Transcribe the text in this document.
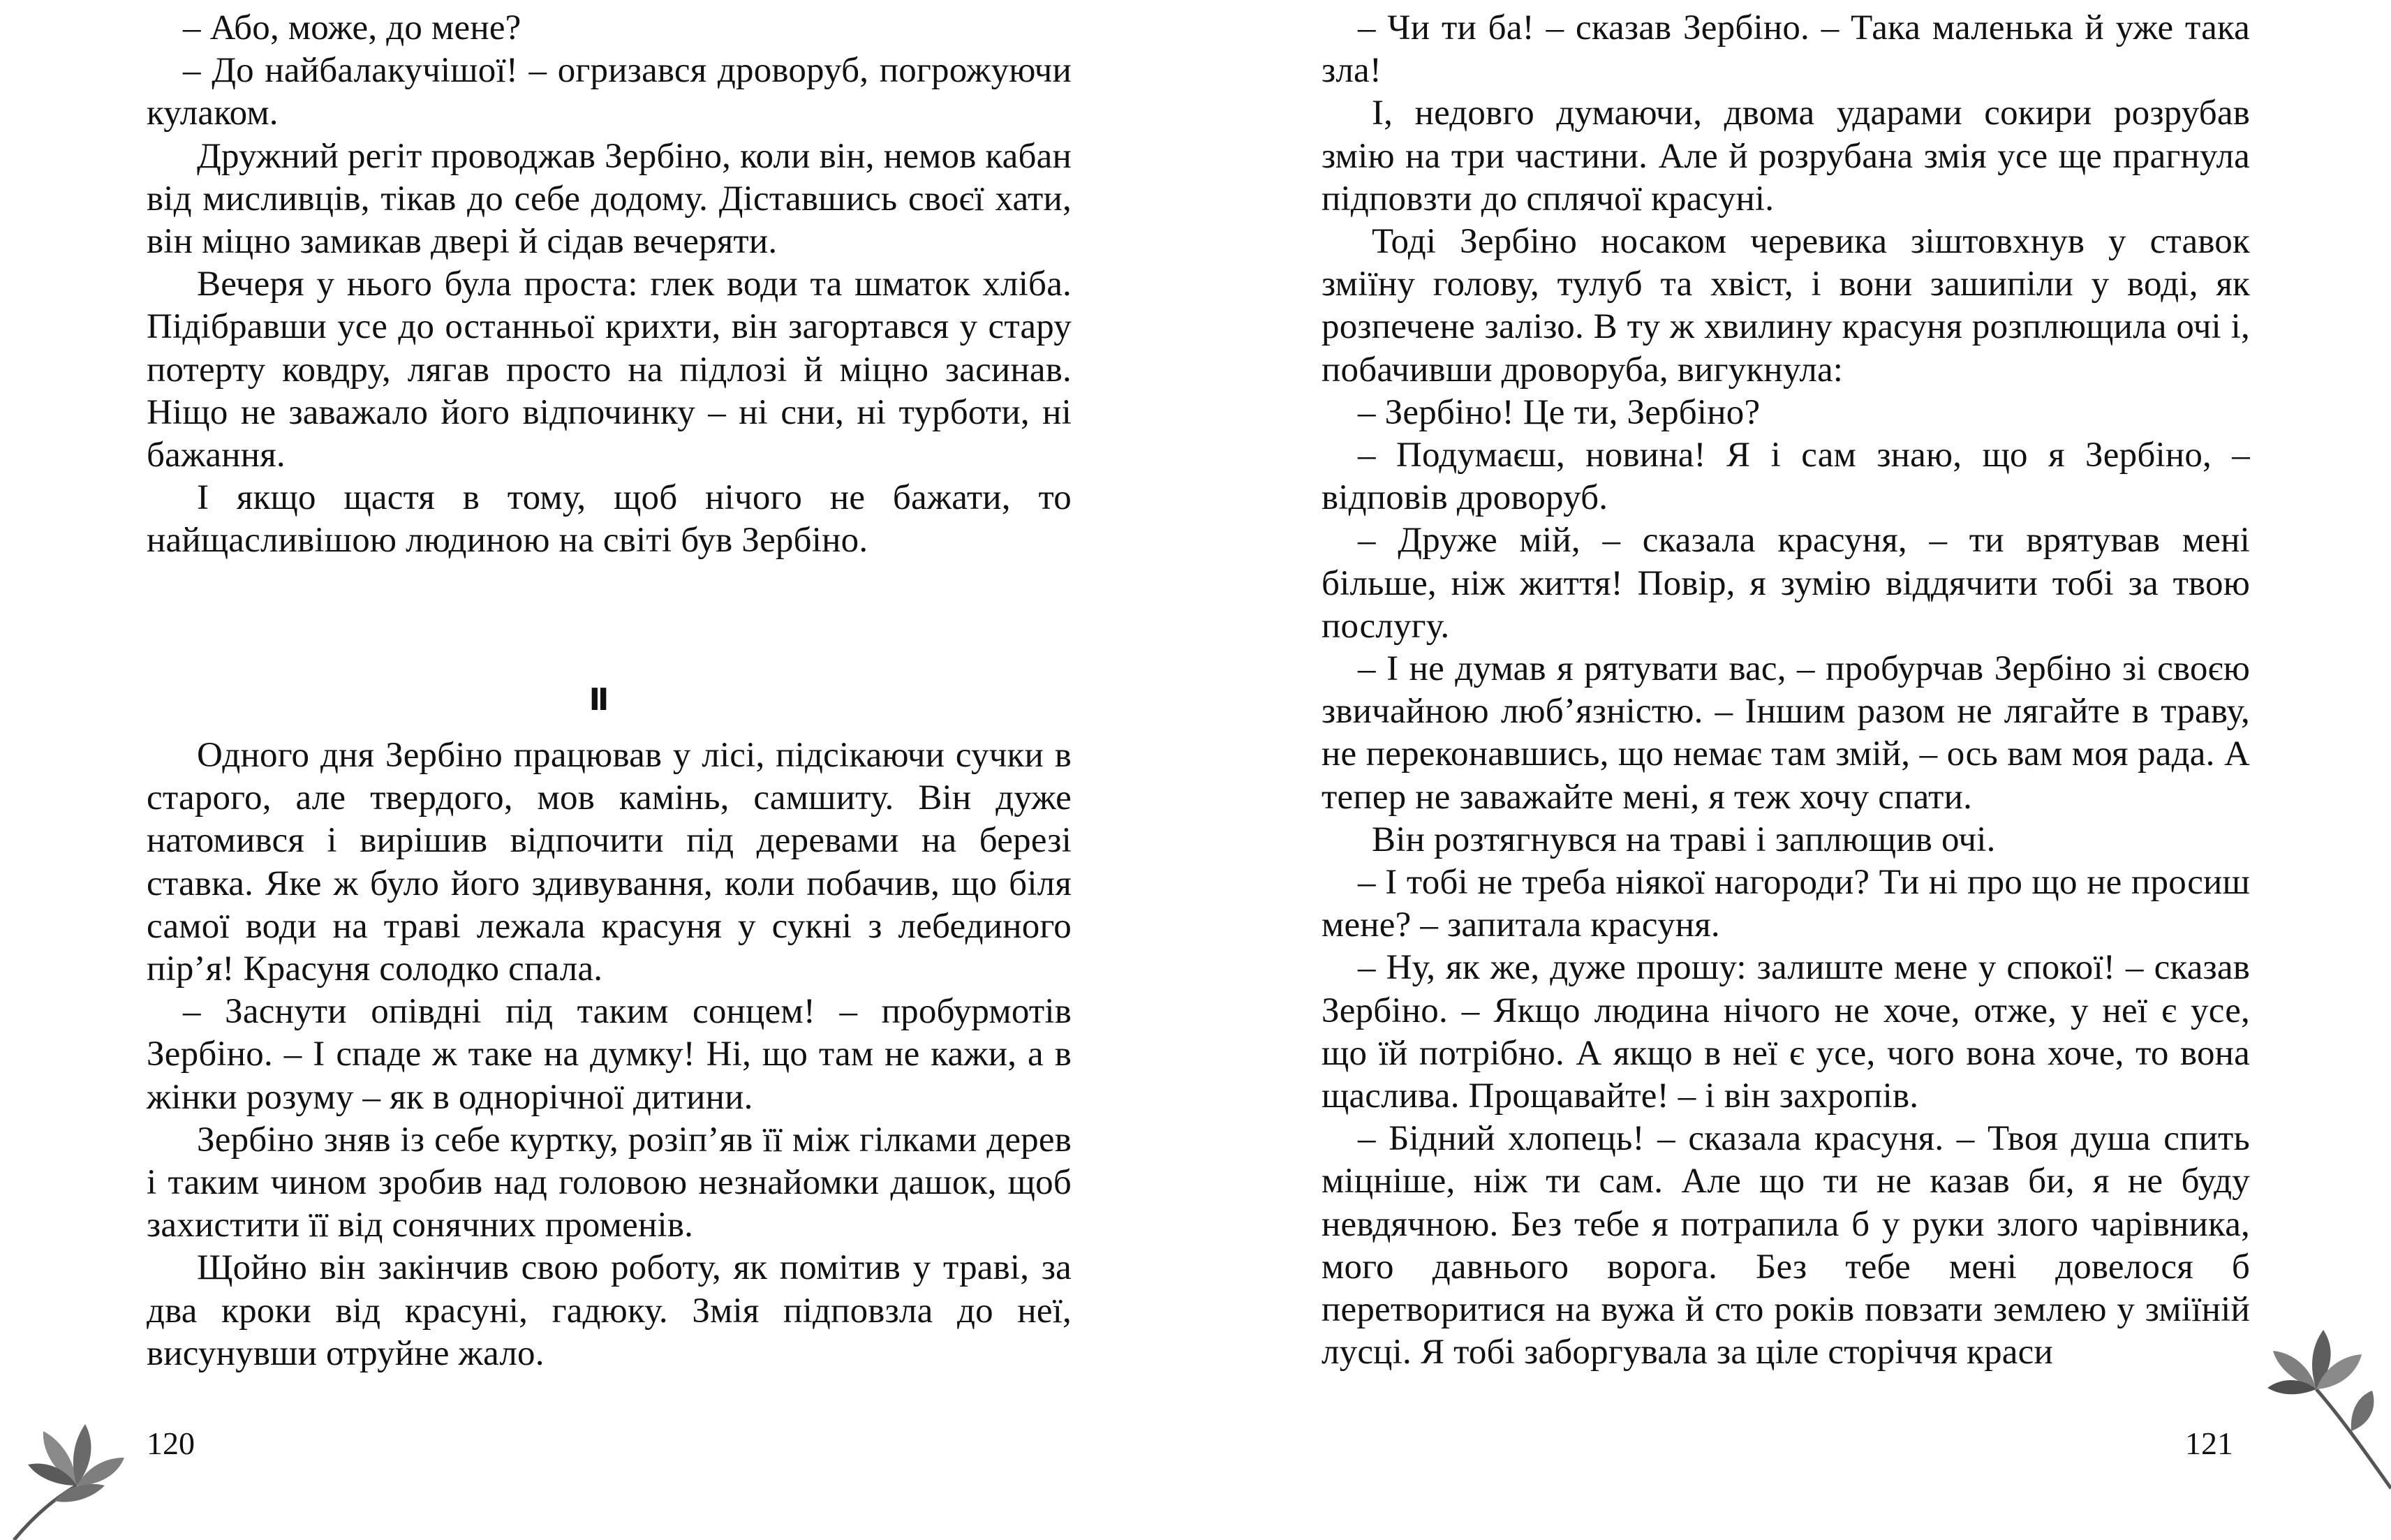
– Або, може, до мене?

– До найбалакучішої! – огризався дроворуб, погрожуючи кулаком.

Дружний регіт проводжав Зербіно, коли він, немов кабан від мисливців, тікав до себе додому. Діставшись своєї хати, він міцно замикав двері й сідав вечеряти.

Вечеря у нього була проста: глек води та шматок хліба. Підібравши усе до останньої крихти, він загортався у стару потерту ковдру, лягав просто на підлозі й міцно засинав. Ніщо не заважало його відпочинку – ні сни, ні турботи, ні бажання.

І якщо щастя в тому, щоб нічого не бажати, то найщасливішою людиною на світі був Зербіно.

II

Одного дня Зербіно працював у лісі, підсікаючи сучки в старого, але твердого, мов камінь, самшиту. Він дуже натомився і вирішив відпочити під деревами на березі ставка. Яке ж було його здивування, коли побачив, що біля самої води на траві лежала красуня у сукні з лебединого пір’я! Красуня солодко спала.

– Заснути опівдні під таким сонцем! – пробурмотів Зербіно. – І спаде ж таке на думку! Ні, що там не кажи, а в жінки розуму – як в однорічної дитини.

Зербіно зняв із себе куртку, розіп’яв її між гілками дерев і таким чином зробив над головою незнайомки дашок, щоб захистити її від сонячних променів.

Щойно він закінчив свою роботу, як помітив у траві, за два кроки від красуні, гадюку. Змія підповзла до неї, висунувши отруйне жало.

120

– Чи ти ба! – сказав Зербіно. – Така маленька й уже така зла!

І, недовго думаючи, двома ударами сокири розрубав змію на три частини. Але й розрубана змія усе ще прагнула підповзти до сплячої красуні.

Тоді Зербіно носаком черевика зіштовхнув у ставок зміїну голову, тулуб та хвіст, і вони зашипіли у воді, як розпечене залізо. В ту ж хвилину красуня розплющила очі і, побачивши дроворуба, вигукнула:

– Зербіно! Це ти, Зербіно?

– Подумаєш, новина! Я і сам знаю, що я Зербіно, – відповів дроворуб.

– Друже мій, – сказала красуня, – ти врятував мені більше, ніж життя! Повір, я зумію віддячити тобі за твою послугу.

– І не думав я рятувати вас, – пробурчав Зербіно зі своєю звичайною люб’язністю. – Іншим разом не лягайте в траву, не переконавшись, що немає там змій, – ось вам моя рада. А тепер не заважайте мені, я теж хочу спати.

Він розтягнувся на траві і заплющив очі.

– І тобі не треба ніякої нагороди? Ти ні про що не просиш мене? – запитала красуня.

– Ну, як же, дуже прошу: залиште мене у спокої! – сказав Зербіно. – Якщо людина нічого не хоче, отже, у неї є усе, що їй потрібно. А якщо в неї є усе, чого вона хоче, то вона щаслива. Прощавайте! – і він захропів.

– Бідний хлопець! – сказала красуня. – Твоя душа спить міцніше, ніж ти сам. Але що ти не казав би, я не буду невдячною. Без тебе я потрапила б у руки злого чарівника, мого давнього ворога. Без тебе мені довелося б перетворитися на вужа й сто років повзати землею у зміїній лусці. Я тобі заборгувала за ціле сторіччя краси

121
